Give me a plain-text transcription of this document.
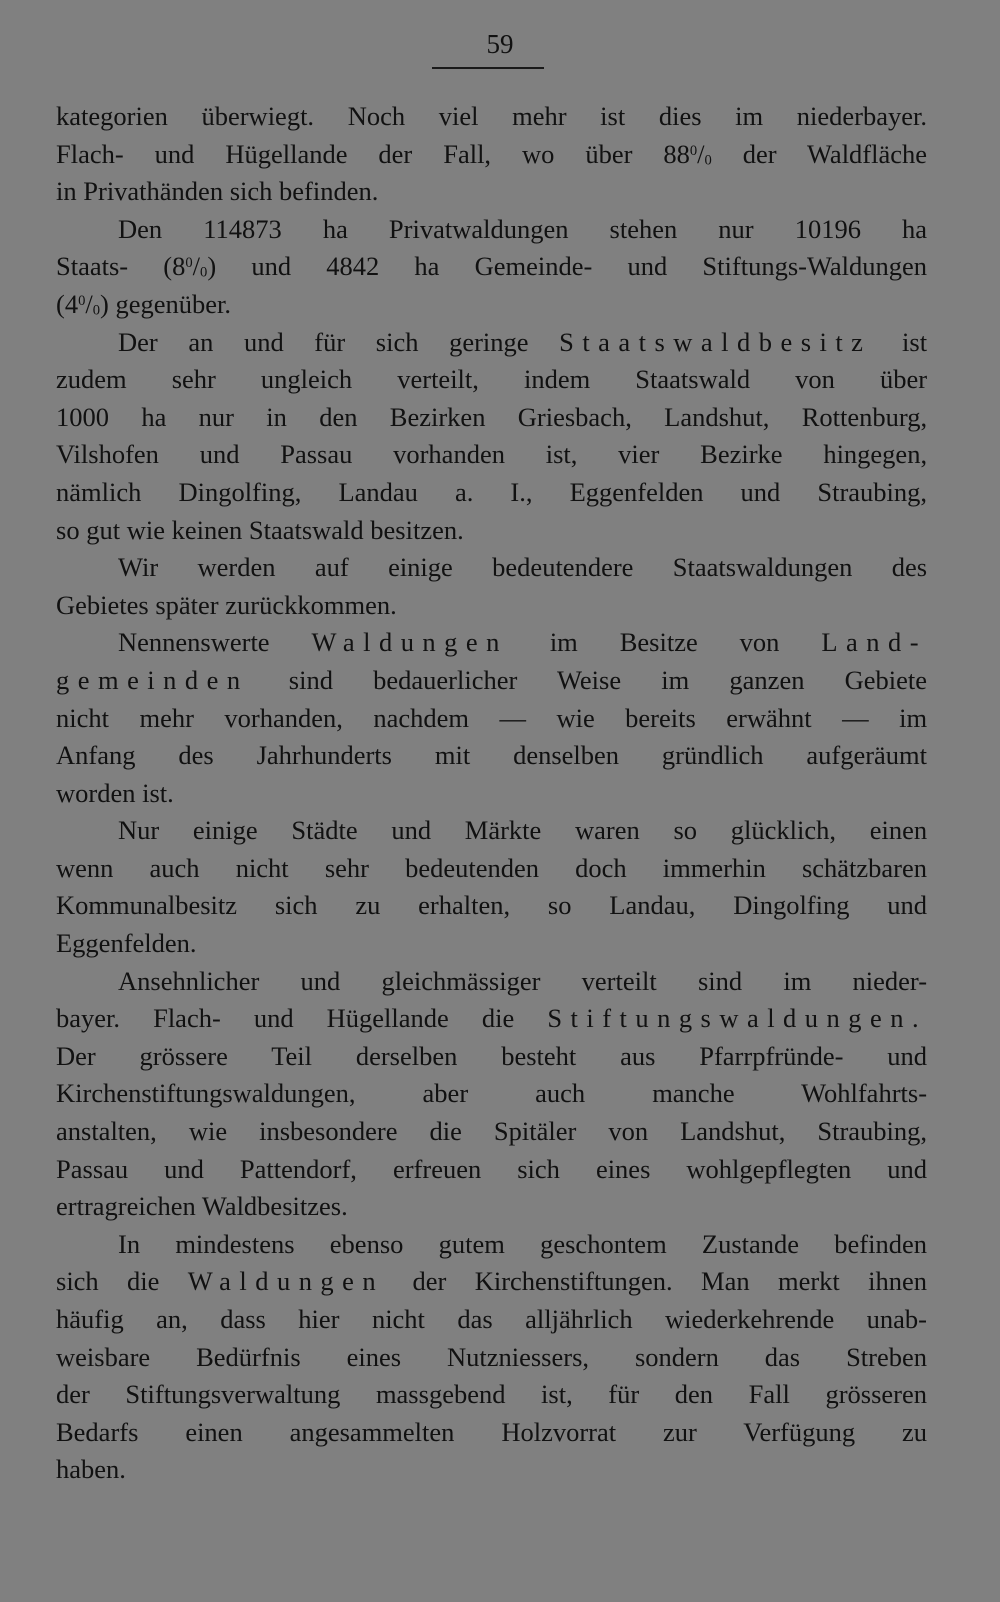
59

kategorien überwiegt. Noch viel mehr ist dies im niederbayer.
Flach- und Hügellande der Fall, wo über $88^0/_0$ der Waldfläche
in Privathänden sich befinden.

Den 114873 ha Privatwaldungen stehen nur 10196 ha
Staats- $(8^0/_0)$ und 4842 ha Gemeinde- und Stiftungs-Waldungen
$(4^0/_0)$ gegenüber.

Der an und für sich geringe Staatswaldbesitz ist
zudem sehr ungleich verteilt, indem Staatswald von über
1000 ha nur in den Bezirken Griesbach, Landshut, Rottenburg,
Vilshofen und Passau vorhanden ist, vier Bezirke hingegen,
nämlich Dingolfing, Landau a. I., Eggenfelden und Straubing,
so gut wie keinen Staatswald besitzen.

Wir werden auf einige bedeutendere Staatswaldungen des
Gebietes später zurückkommen.

Nennenswerte Waldungen im Besitze von Land-
gemeinden sind bedauerlicher Weise im ganzen Gebiete
nicht mehr vorhanden, nachdem — wie bereits erwähnt — im
Anfang des Jahrhunderts mit denselben gründlich aufgeräumt
worden ist.

Nur einige Städte und Märkte waren so glücklich, einen
wenn auch nicht sehr bedeutenden doch immerhin schätzbaren
Kommunalbesitz sich zu erhalten, so Landau, Dingolfing und
Eggenfelden.

Ansehnlicher und gleichmässiger verteilt sind im nieder-
bayer. Flach- und Hügellande die Stiftungswaldungen.
Der grössere Teil derselben besteht aus Pfarrpfründe- und
Kirchenstiftungswaldungen,	aber	auch	manche	Wohlfahrts-
anstalten, wie insbesondere die Spitäler von Landshut, Straubing,
Passau und Pattendorf, erfreuen sich eines wohlgepflegten und
ertragreichen Waldbesitzes.

In mindestens ebenso gutem geschontem Zustande befinden
sich die Waldungen der Kirchenstiftungen. Man merkt ihnen
häufig an, dass hier nicht das alljährlich wiederkehrende unab-
weisbare Bedürfnis eines Nutzniessers, sondern das Streben
der Stiftungsverwaltung massgebend ist, für den Fall grösseren
Bedarfs einen angesammelten Holzvorrat zur Verfügung zu
haben.
